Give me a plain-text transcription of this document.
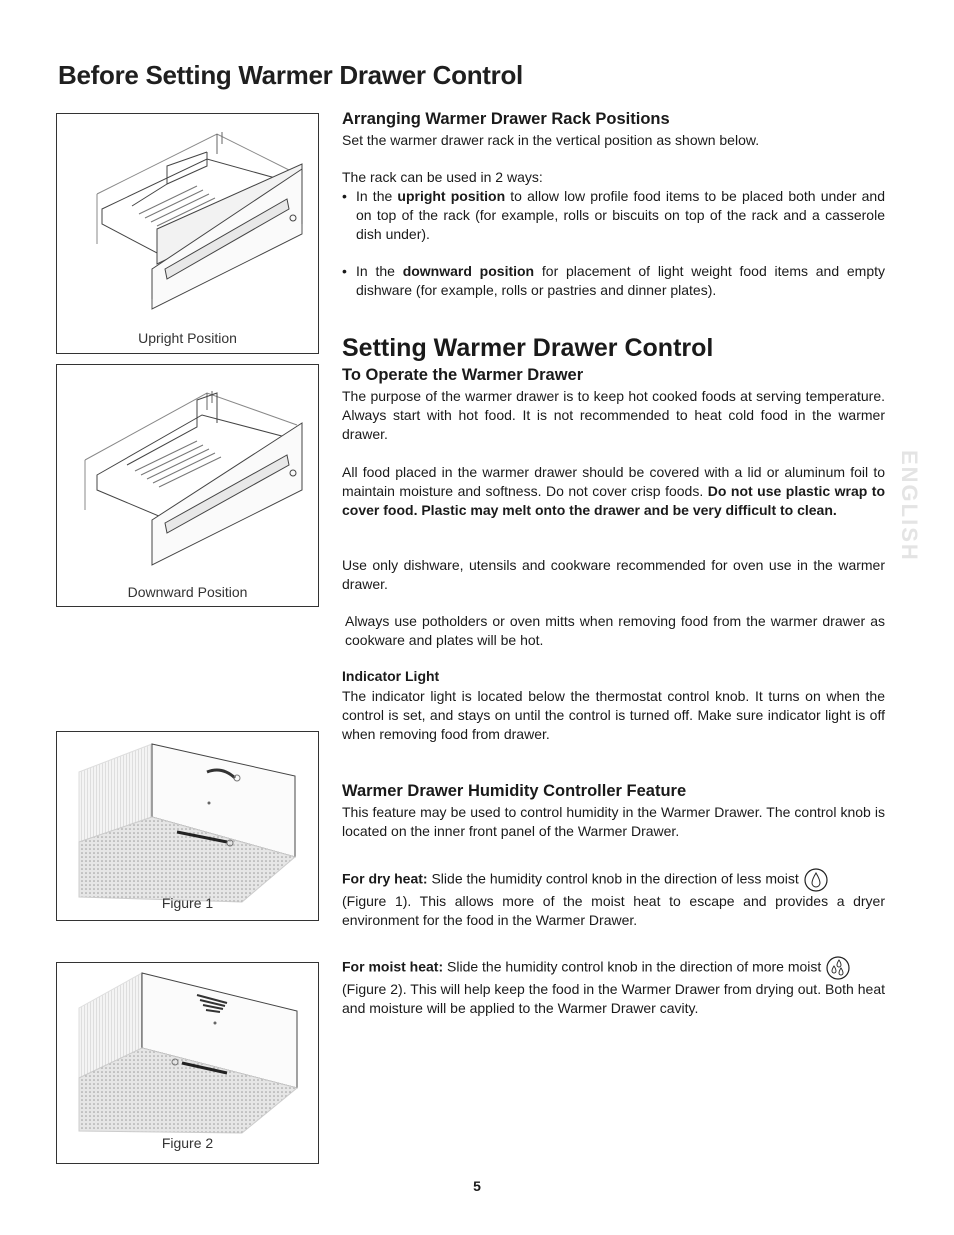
Before Setting Warmer Drawer Control
Arranging Warmer Drawer Rack Positions

Set the warmer drawer rack in the vertical position as shown below.

The rack can be used in 2 ways:

• In the upright position to allow low profile food items to be placed both under and on top of the rack (for example, rolls or biscuits on top of the rack and a casserole dish under).
• In the downward position for placement of light weight food items and empty dishware (for example, rolls or pastries and dinner plates).
Upright Position
Downward Position
Setting Warmer Drawer Control
To Operate the Warmer Drawer

The purpose of the warmer drawer is to keep hot cooked foods at serving temperature. Always start with hot food. It is not recommended to heat cold food in the warmer drawer.

All food placed in the warmer drawer should be covered with a lid or aluminum foil to maintain moisture and softness. Do not cover crisp foods. Do not use plastic wrap to cover food. Plastic may melt onto the drawer and be very difficult to clean.

Use only dishware, utensils and cookware recommended for oven use in the warmer drawer.

Always use potholders or oven mitts when removing food from the warmer drawer as cookware and plates will be hot.

Indicator Light

The indicator light is located below the thermostat control knob. It turns on when the control is set, and stays on until the control is turned off. Make sure indicator light is off when removing food from drawer.

ENGLISH
Warmer Drawer Humidity Controller Feature

This feature may be used to control humidity in the Warmer Drawer. The control knob is located on the inner front panel of the Warmer Drawer.

For dry heat: Slide the humidity control knob in the direction of less moist
(Figure 1). This allows more of the moist heat to escape and provides a dryer environment for the food in the Warmer Drawer.

For moist heat: Slide the humidity control knob in the direction of more moist
(Figure 2). This will help keep the food in the Warmer Drawer from drying out. Both heat and moisture will be applied to the Warmer Drawer cavity.

Figure 1
Figure 2
5
